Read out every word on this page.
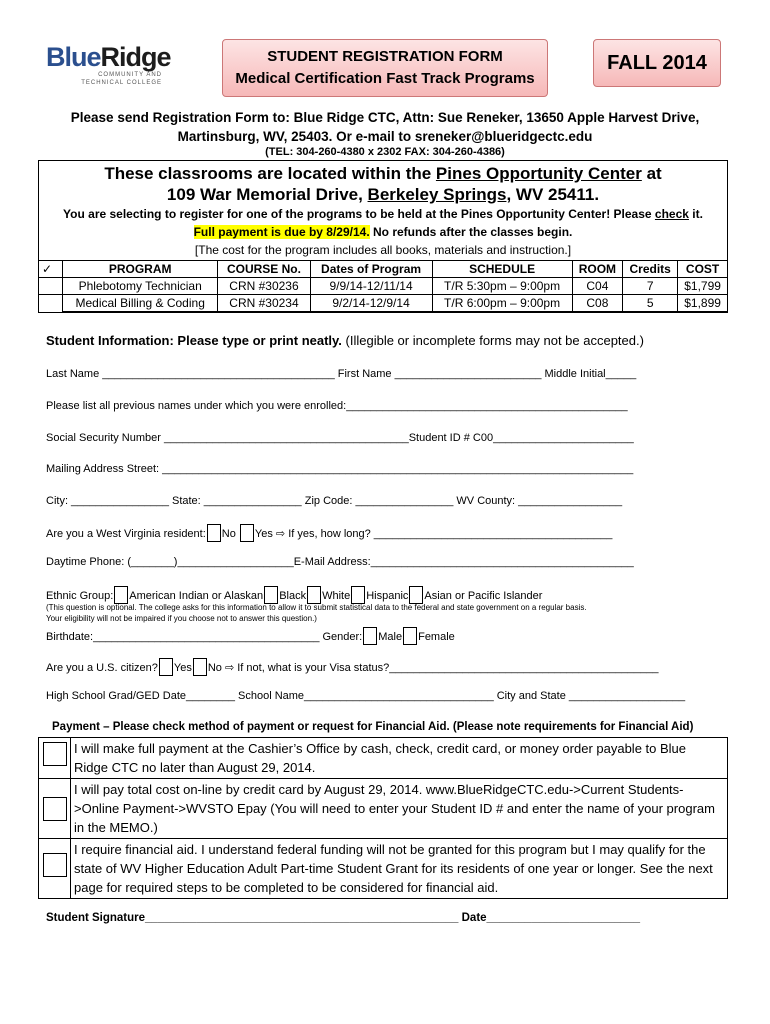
BlueRidge
COMMUNITY AND
TECHNICAL COLLEGE
STUDENT REGISTRATION FORM
Medical Certification Fast Track Programs
FALL 2014
Please send Registration Form to: Blue Ridge CTC, Attn: Sue Reneker, 13650 Apple Harvest Drive,
Martinsburg, WV, 25403. Or e-mail to sreneker@blueridgectc.edu
(TEL: 304-260-4380 x 2302 FAX: 304-260-4386)
These classrooms are located within the Pines Opportunity Center at
109 War Memorial Drive, Berkeley Springs, WV 25411.
You are selecting to register for one of the programs to be held at the Pines Opportunity Center! Please check it.
Full payment is due by 8/29/14. No refunds after the classes begin.
[The cost for the program includes all books, materials and instruction.]
✓	PROGRAM	COURSE No.	Dates of Program	SCHEDULE	ROOM	Credits	COST
	Phlebotomy Technician	CRN #30236	9/9/14-12/11/14	T/R 5:30pm – 9:00pm	C04	7	$1,799
	Medical Billing & Coding	CRN #30234	9/2/14-12/9/14	T/R 6:00pm – 9:00pm	C08	5	$1,899
Student Information: Please type or print neatly. (Illegible or incomplete forms may not be accepted.)
Last Name ______________________________________ First Name ________________________ Middle Initial_____
Please list all previous names under which you were enrolled:______________________________________________
Social Security Number ________________________________________Student ID # C00_______________________
Mailing Address Street: _____________________________________________________________________________
City: ________________ State: ________________ Zip Code: ________________ WV County: _________________
Are you a West Virginia resident: No Yes ⇨ If yes, how long? _______________________________________
Daytime Phone: (_______)___________________E-Mail Address:___________________________________________
Ethnic Group: American Indian or Alaskan Black White Hispanic Asian or Pacific Islander
(This question is optional. The college asks for this information to allow it to submit statistical data to the federal and state government on a regular basis.
Your eligibility will not be impaired if you choose not to answer this question.)
Birthdate:_____________________________________ Gender: Male Female
Are you a U.S. citizen? Yes No ⇨ If not, what is your Visa status?____________________________________________
High School Grad/GED Date________ School Name_______________________________ City and State ___________________
Payment – Please check method of payment or request for Financial Aid. (Please note requirements for Financial Aid)
	I will make full payment at the Cashier’s Office by cash, check, credit card, or money order payable to Blue Ridge CTC no later than August 29, 2014.

	I will pay total cost on-line by credit card by August 29, 2014. www.BlueRidgeCTC.edu->Current Students->Online Payment->WVSTO Epay (You will need to enter your Student ID # and enter the name of your program in the MEMO.)

	I require financial aid. I understand federal funding will not be granted for this program but I may qualify for the state of WV Higher Education Adult Part-time Student Grant for its residents of one year or longer. See the next page for required steps to be completed to be considered for financial aid.
Student Signature_________________________________________________ Date________________________
